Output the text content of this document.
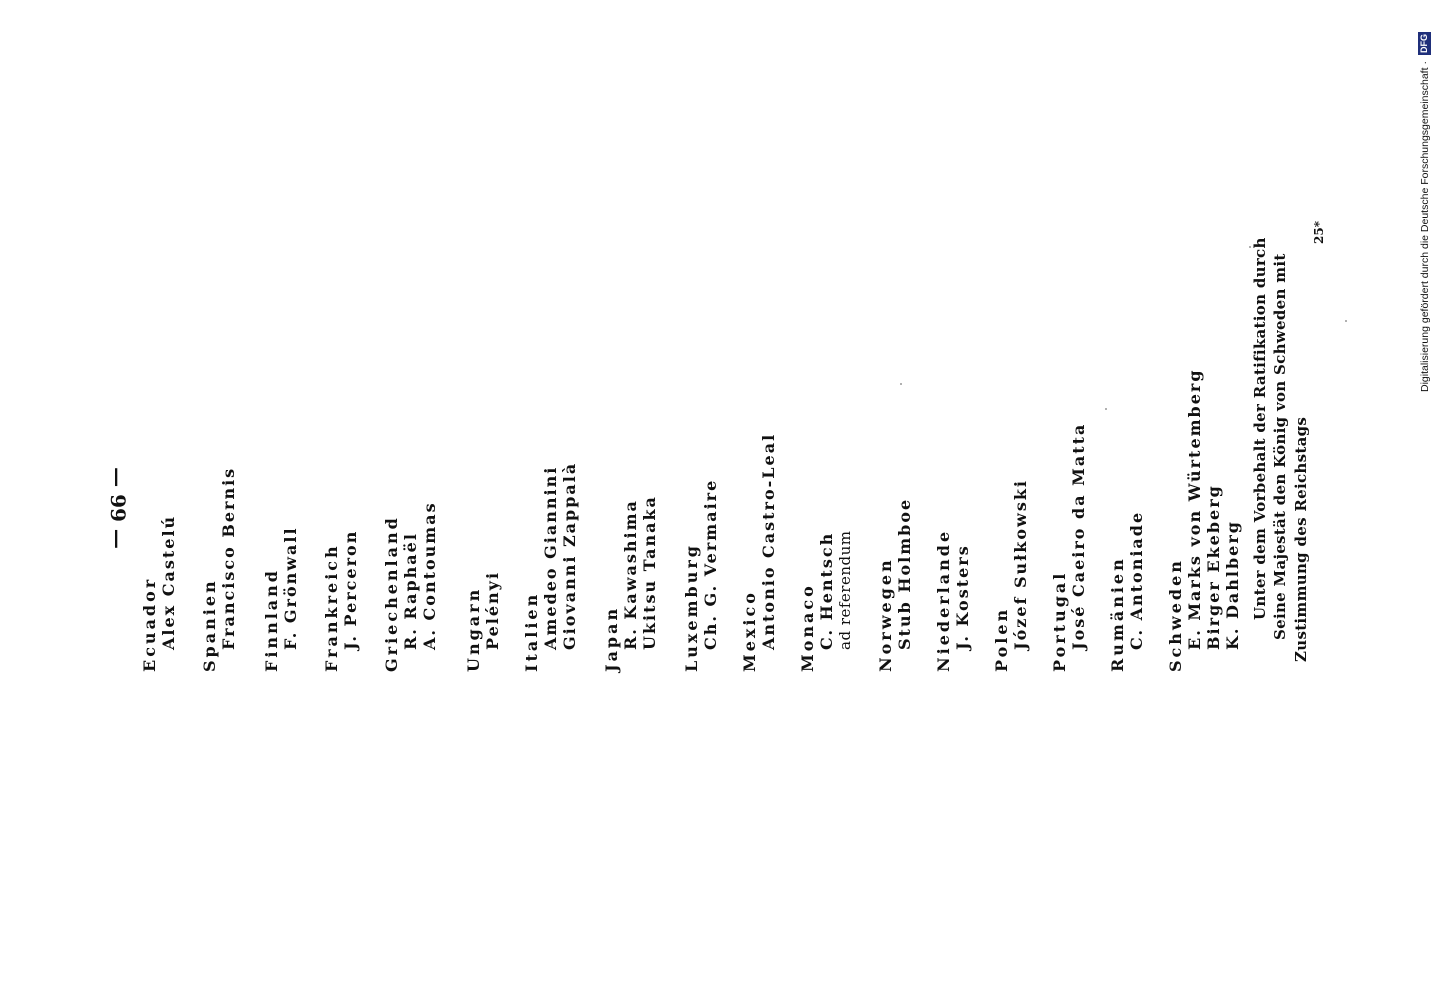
— 99 —
Ecuador Alex Castelú Spanien Francisco Bernis Finnland F. Grönwall Frankreich J. Perceron Griechenland R. Raphaël A. Contoumas Ungarn Pelényi Italien Amedeo Giannini Giovanni Zappalà Japan R. Kawashima Ukitsu Tanaka Luxemburg Ch. G. Vermaire Mexico Antonio Castro-Leal Monaco C. Hentsch ad referendum Norwegen Stub Holmboe Niederlande J. Kosters Polen Józef Sułkowski Portugal José Caeiro da Matta Rumänien C. Antoniade Schweden E. Marks von Würtemberg Birger Ekeberg K. Dahlberg Unter dem Vorbehalt der Ratifikation durch Seine Majestät den König von Schweden mit Zustimmung des Reichstags
25*	Digitalisierung gefördert durch die Deutsche Forschungsgemeinschaft
·
DFG
